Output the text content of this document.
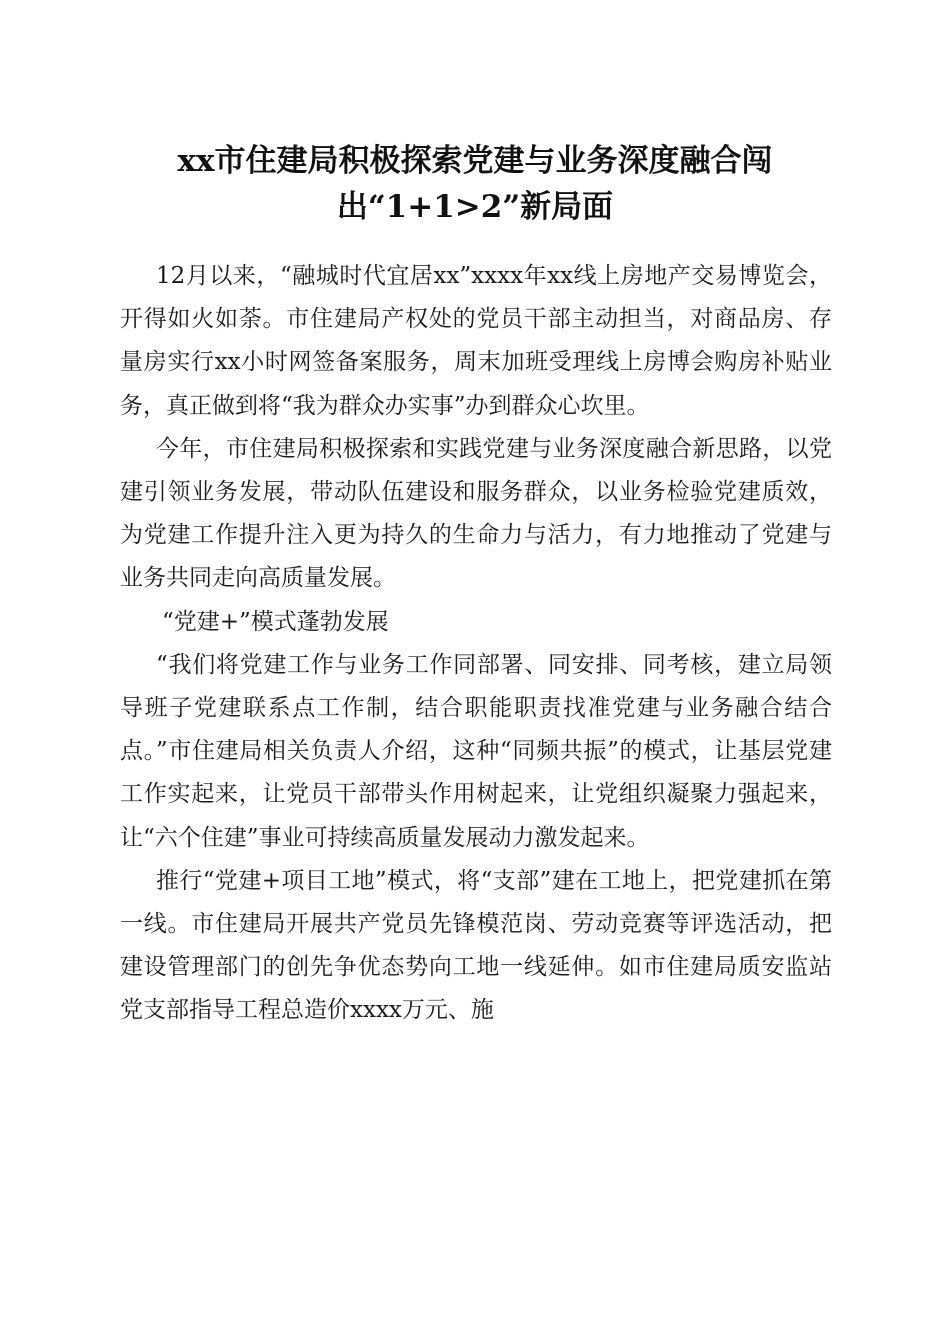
xx市住建局积极探索党建与业务深度融合闯
出“1+1>2”新局面

12月以来，“融城时代宜居xx”xxxx年xx线上房地产交易博览会，开得如火如荼。市住建局产权处的党员干部主动担当，对商品房、存量房实行xx小时网签备案服务，周末加班受理线上房博会购房补贴业务，真正做到将“我为群众办实事”办到群众心坎里。

今年，市住建局积极探索和实践党建与业务深度融合新思路，以党建引领业务发展，带动队伍建设和服务群众，以业务检验党建质效，为党建工作提升注入更为持久的生命力与活力，有力地推动了党建与业务共同走向高质量发展。

“党建+”模式蓬勃发展

“我们将党建工作与业务工作同部署、同安排、同考核，建立局领导班子党建联系点工作制，结合职能职责找准党建与业务融合结合点。”市住建局相关负责人介绍，这种“同频共振”的模式，让基层党建工作实起来，让党员干部带头作用树起来，让党组织凝聚力强起来，让“六个住建”事业可持续高质量发展动力激发起来。

推行“党建+项目工地”模式，将“支部”建在工地上，把党建抓在第一线。市住建局开展共产党员先锋模范岗、劳动竞赛等评选活动，把建设管理部门的创先争优态势向工地一线延伸。如市住建局质安监站党支部指导工程总造价xxxx万元、施
